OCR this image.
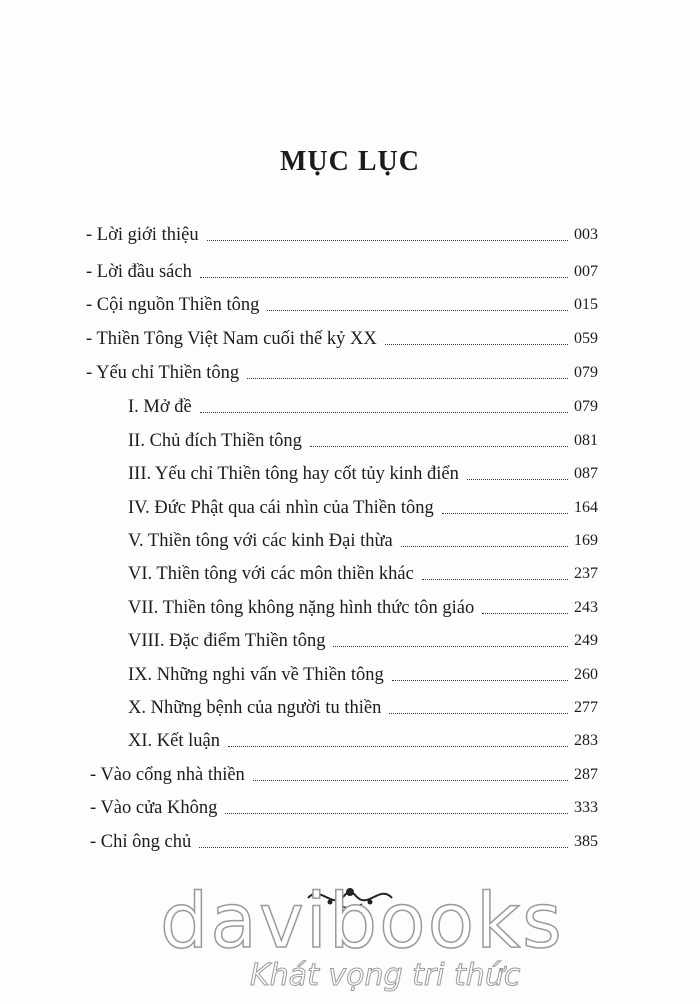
MỤC LỤC
- Lời giới thiệu	003
- Lời đầu sách	007
- Cội nguồn Thiền tông	015
- Thiền Tông Việt Nam cuối thế kỷ XX	059
- Yếu chỉ Thiền tông	079
I. Mở đề	079
II. Chủ đích Thiền tông	081
III. Yếu chỉ Thiền tông hay cốt tủy kinh điển	087
IV. Đức Phật qua cái nhìn của Thiền tông	164
V. Thiền tông với các kinh Đại thừa	169
VI. Thiền tông với các môn thiền khác	237
VII. Thiền tông không nặng hình thức tôn giáo	243
VIII. Đặc điểm Thiền tông	249
IX. Những nghi vấn về Thiền tông	260
X. Những bệnh của người tu thiền	277
XI. Kết luận	283
- Vào cổng nhà thiền	287
- Vào cửa Không	333
- Chỉ ông chủ	385
davibooks
Khát vọng tri thức
